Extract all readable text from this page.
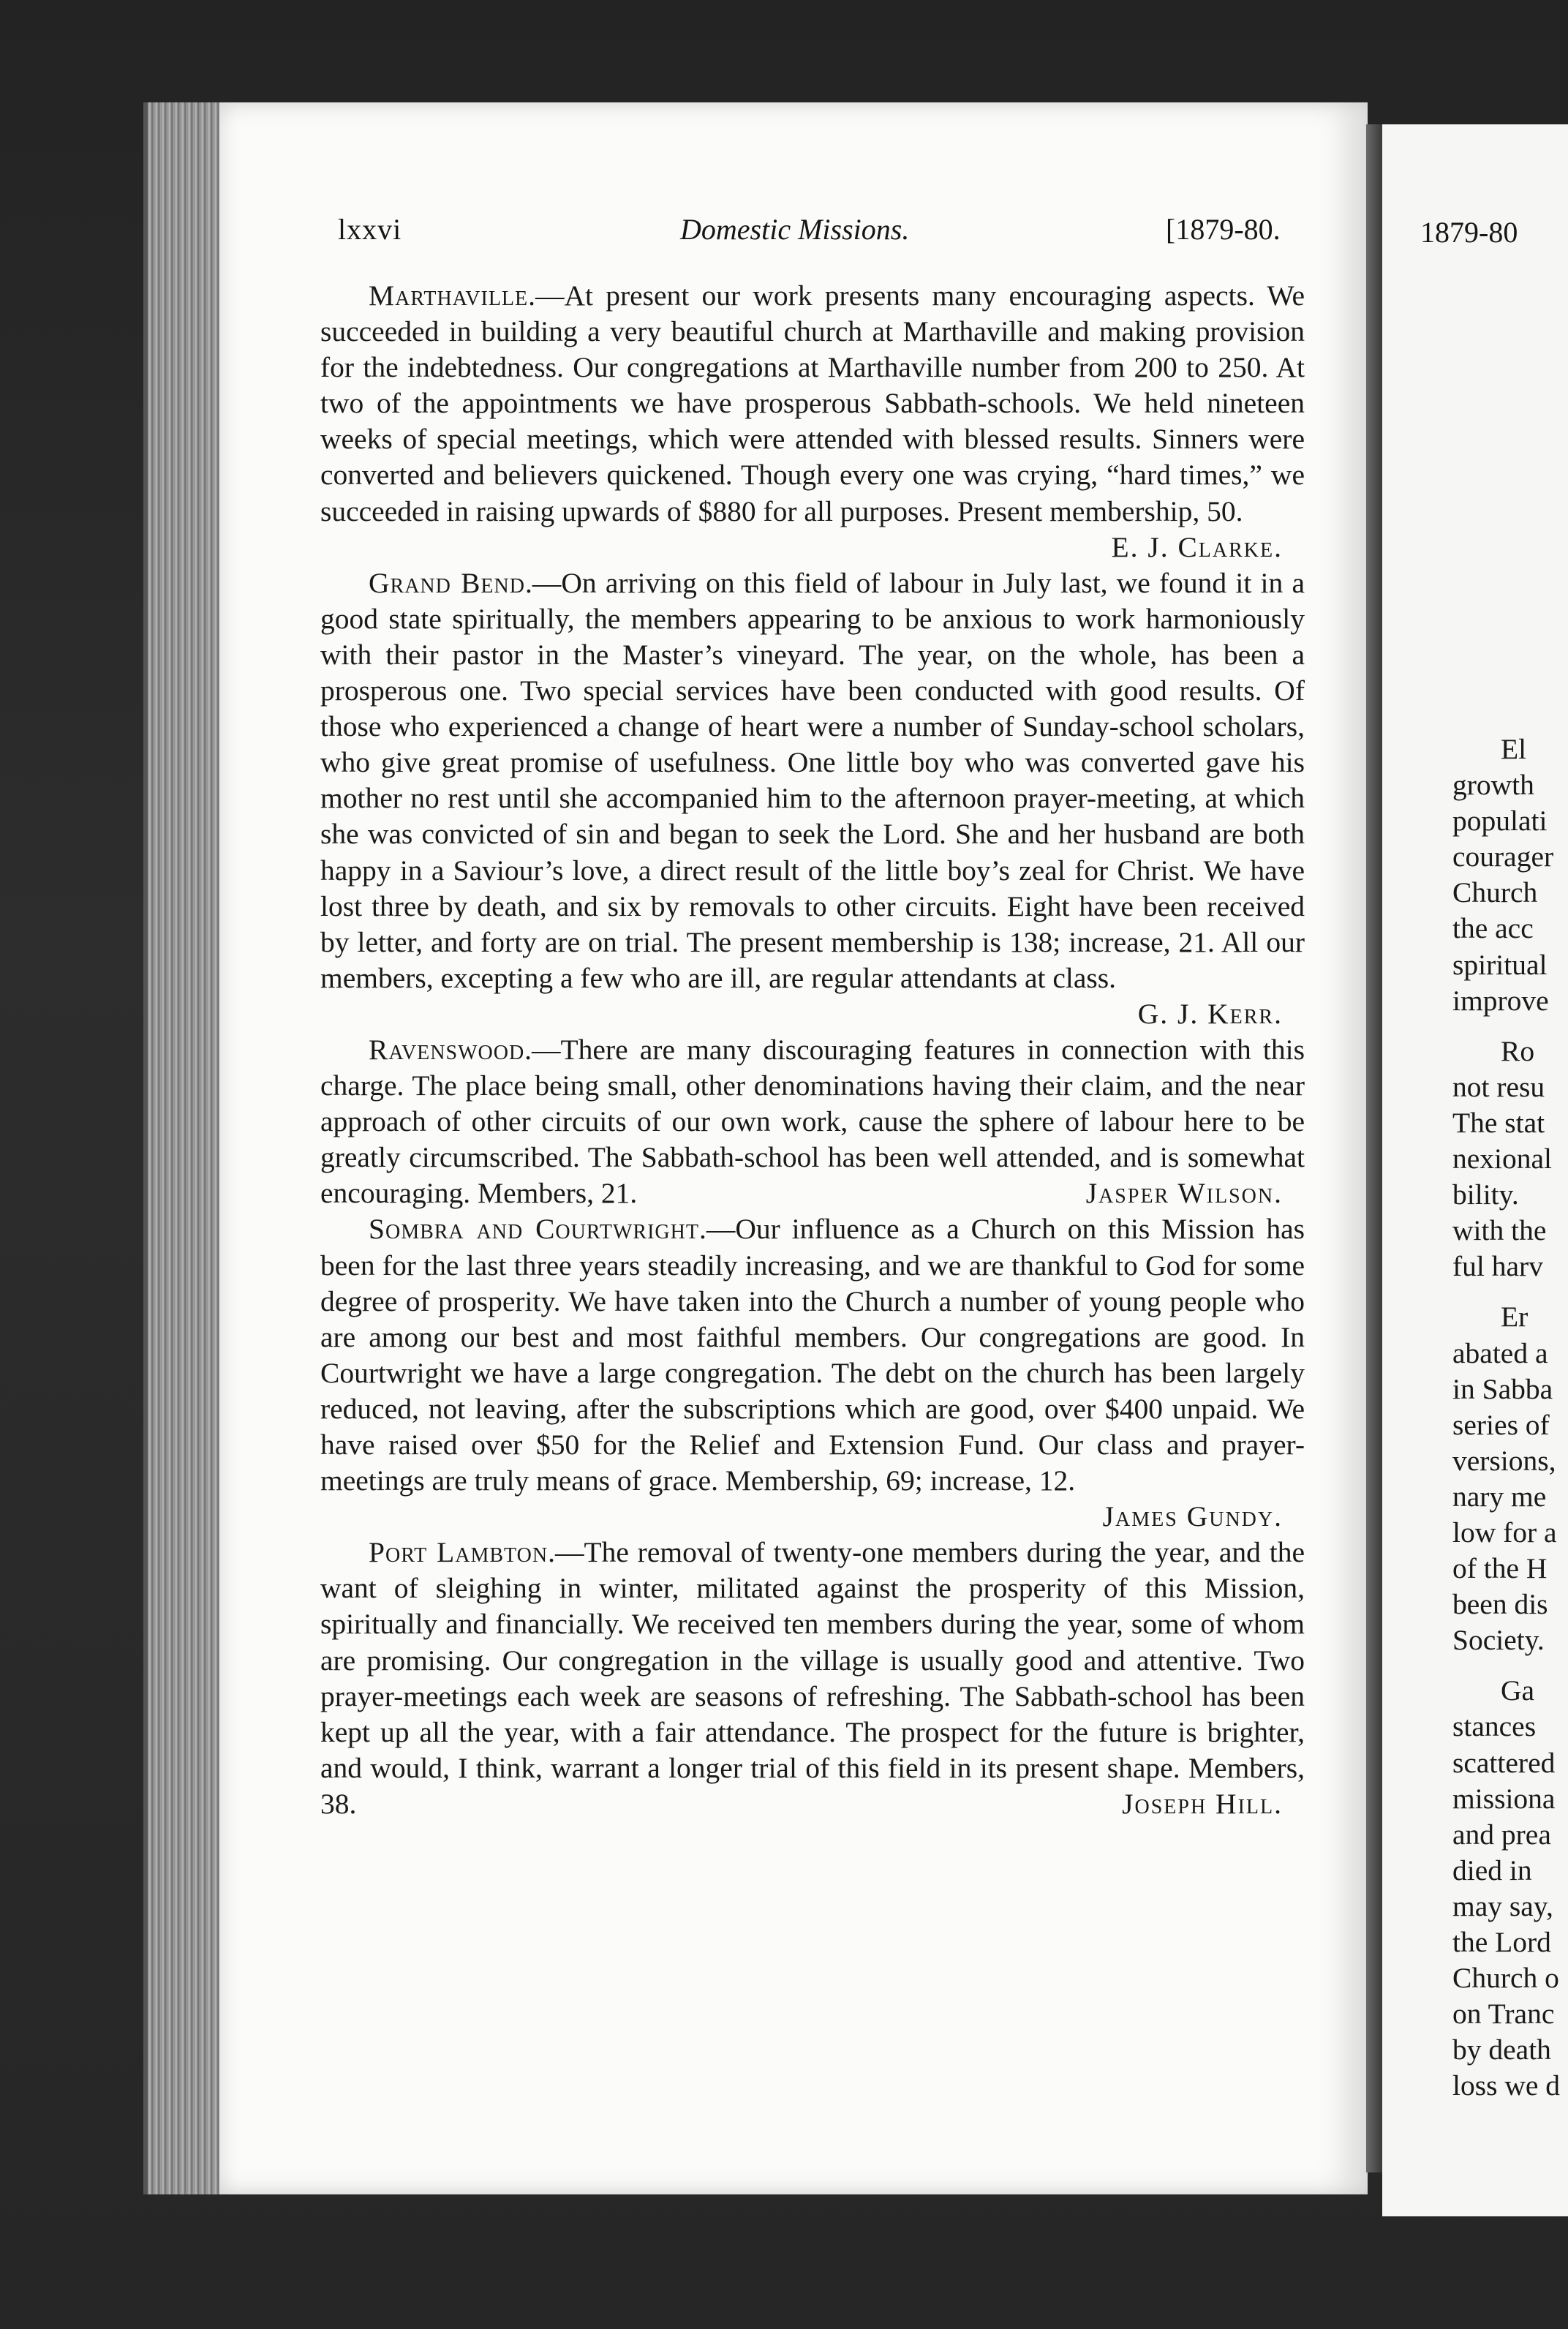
lxxvi	Domestic Missions.	[1879-80.

Marthaville.—At present our work presents many encouraging aspects. We succeeded in building a very beautiful church at Marthaville and making provision for the indebtedness. Our congregations at Marthaville number from 200 to 250. At two of the appointments we have prosperous Sabbath-schools. We held nineteen weeks of special meetings, which were attended with blessed results. Sinners were converted and believers quickened. Though every one was crying, “hard times,” we succeeded in raising upwards of $880 for all purposes. Present membership, 50.
E. J. Clarke.

Grand Bend.—On arriving on this field of labour in July last, we found it in a good state spiritually, the members appearing to be anxious to work harmoniously with their pastor in the Master’s vineyard. The year, on the whole, has been a prosperous one. Two special services have been conducted with good results. Of those who experienced a change of heart were a number of Sunday-school scholars, who give great promise of usefulness. One little boy who was converted gave his mother no rest until she accompanied him to the afternoon prayer-meeting, at which she was convicted of sin and began to seek the Lord. She and her husband are both happy in a Saviour’s love, a direct result of the little boy’s zeal for Christ. We have lost three by death, and six by removals to other circuits. Eight have been received by letter, and forty are on trial. The present membership is 138; increase, 21. All our members, excepting a few who are ill, are regular attendants at class.
G. J. Kerr.

Ravenswood.—There are many discouraging features in connection with this charge. The place being small, other denominations having their claim, and the near approach of other circuits of our own work, cause the sphere of labour here to be greatly circumscribed. The Sabbath-school has been well attended, and is somewhat encouraging. Members, 21.	Jasper Wilson.

Sombra and Courtwright.—Our influence as a Church on this Mission has been for the last three years steadily increasing, and we are thankful to God for some degree of prosperity. We have taken into the Church a number of young people who are among our best and most faithful members. Our congregations are good. In Courtwright we have a large congregation. The debt on the church has been largely reduced, not leaving, after the subscriptions which are good, over $400 unpaid. We have raised over $50 for the Relief and Extension Fund. Our class and prayer-meetings are truly means of grace. Membership, 69; increase, 12.
James Gundy.

Port Lambton.—The removal of twenty-one members during the year, and the want of sleighing in winter, militated against the prosperity of this Mission, spiritually and financially. We received ten members during the year, some of whom are promising. Our congregation in the village is usually good and attentive. Two prayer-meetings each week are seasons of refreshing. The Sabbath-school has been kept up all the year, with a fair attendance. The prospect for the future is brighter, and would, I think, warrant a longer trial of this field in its present shape. Members, 38.	Joseph Hill.

1879-80
El
growth
populati
courager
Church
the acc
spiritual
improve
Ro
not resu
The stat
nexional
bility.
with the
ful harv
Er
abated a
in Sabba
series of
versions,
nary me
low for a
of the H
been dis
Society.
Ga
stances
scattered
missiona
and prea
died in
may say,
the Lord
Church o
on Tranc
by death
loss we d
